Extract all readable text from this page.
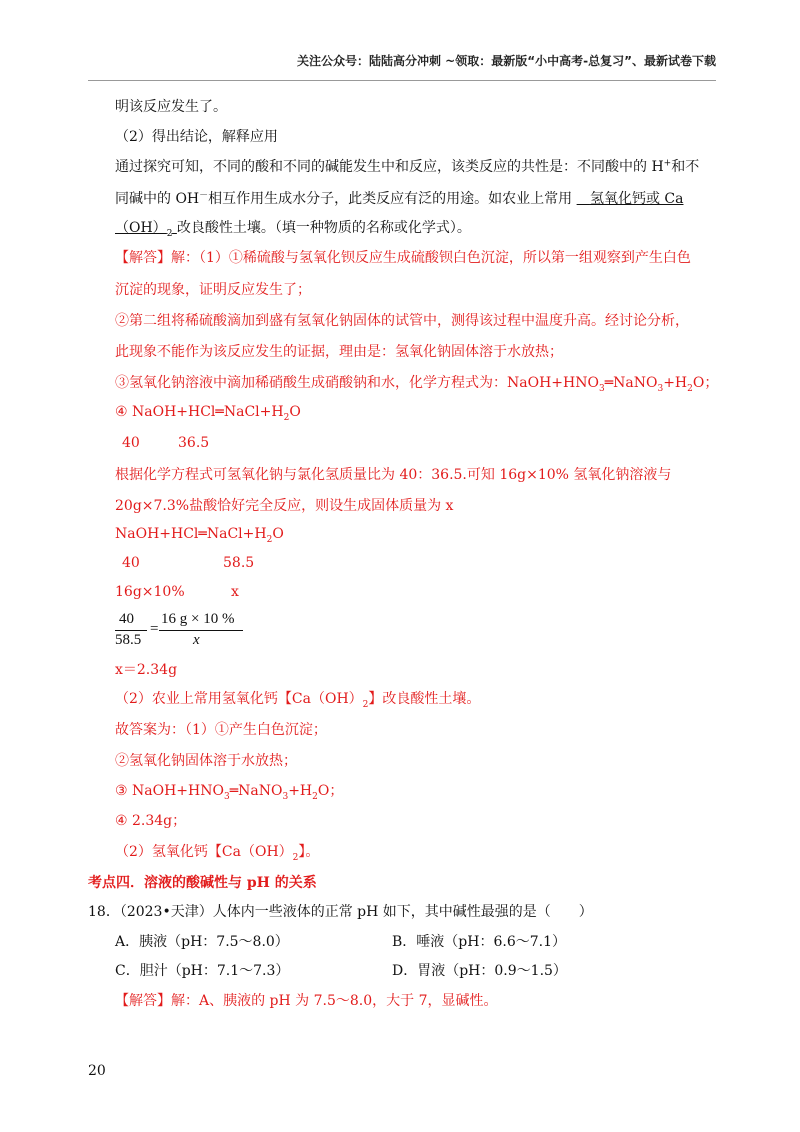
关注公众号：陆陆高分冲刺 ~领取：最新版“小中高考-总复习”、最新试卷下载
明该反应发生了。
（2）得出结论，解释应用
通过探究可知，不同的酸和不同的碱能发生中和反应，该类反应的共性是：不同酸中的 H+和不
同碱中的 OH－相互作用生成水分子，此类反应有泛的用途。如农业上常用 氢氧化钙或 Ca
$(OH)_2$ 改良酸性土壤。（填一种物质的名称或化学式）。
【解答】解：（1）①稀硫酸与氢氧化钡反应生成硫酸钡白色沉淀，所以第一组观察到产生白色
沉淀的现象，证明反应发生了；
②第二组将稀硫酸滴加到盛有氢氧化钠固体的试管中，测得该过程中温度升高。经讨论分析，
此现象不能作为该反应发生的证据，理由是：氢氧化钠固体溶于水放热；
③氢氧化钠溶液中滴加稀硝酸生成硝酸钠和水，化学方程式为：$NaOH+HNO_3═NaNO_3+H_2O$；
④ $NaOH+HCl═NaCl+H_2O$
40	36.5
根据化学方程式可氢氧化钠与氯化氢质量比为 40：36.5.可知 16g×10% 氢氧化钠溶液与
20g×7.3%盐酸恰好完全反应，则设生成固体质量为 x
$NaOH+HCl═NaCl+H_2O$
40	58.5
16g×10%	x
40
58.5
=
16 g × 10 %
x
x＝2.34g
（2）农业上常用氢氧化钙【$Ca(OH)_2$】改良酸性土壤。
故答案为：（1）①产生白色沉淀；
②氢氧化钠固体溶于水放热；
③ $NaOH+HNO_3═NaNO_3+H_2O$；
④ 2.34g；
（2）氢氧化钙【$Ca(OH)_2$】。
考点四．溶液的酸碱性与 pH 的关系
18．（2023•天津）人体内一些液体的正常 pH 如下，其中碱性最强的是（　　）
A．胰液（pH：7.5～8.0）	B．唾液（pH：6.6～7.1）
C．胆汁（pH：7.1～7.3）	D．胃液（pH：0.9～1.5）
【解答】解：A、胰液的 pH 为 7.5～8.0，大于 7，显碱性。
20
